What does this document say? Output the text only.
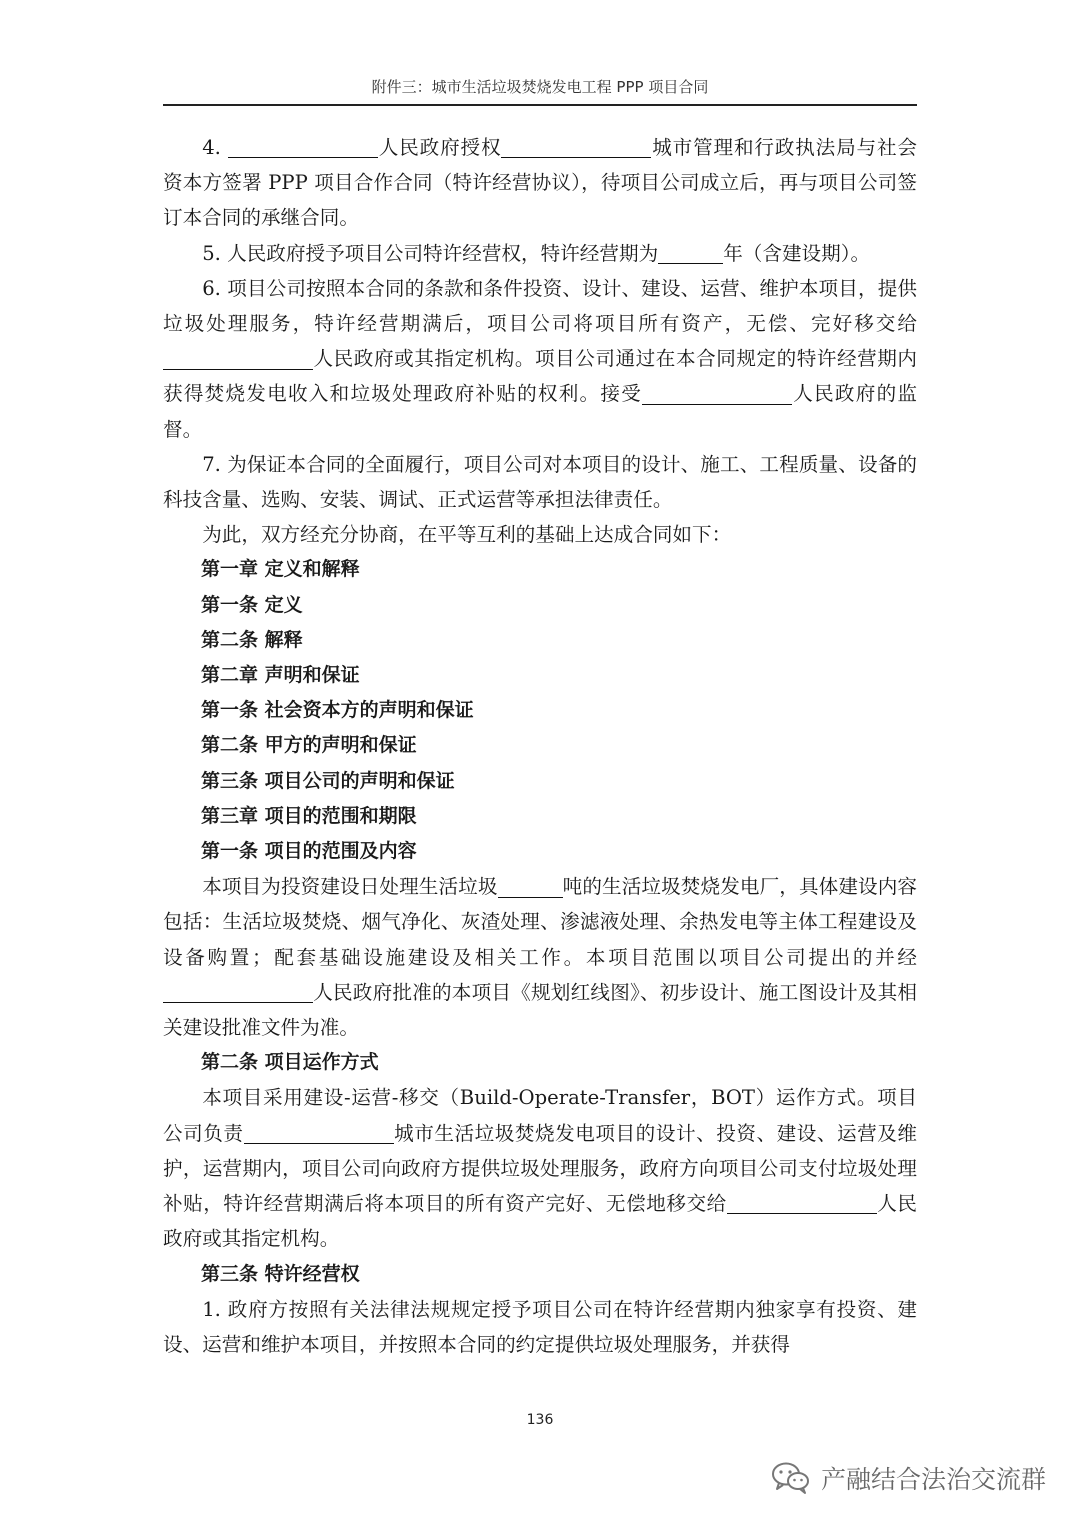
附件三：城市生活垃圾焚烧发电工程 PPP 项目合同

4.	人民政府授权	城市管理和行政执法局与社会资本方签署 PPP 项目合作合同（特许经营协议），待项目公司成立后，再与项目公司签订本合同的承继合同。

5. 人民政府授予项目公司特许经营权，特许经营期为	年（含建设期）。

6. 项目公司按照本合同的条款和条件投资、设计、建设、运营、维护本项目，提供垃圾处理服务，特许经营期满后，项目公司将项目所有资产，无偿、完好移交给人民政府或其指定机构。项目公司通过在本合同规定的特许经营期内获得焚烧发电收入和垃圾处理政府补贴的权利。接受	人民政府的监督。

7. 为保证本合同的全面履行，项目公司对本项目的设计、施工、工程质量、设备的科技含量、选购、安装、调试、正式运营等承担法律责任。

为此，双方经充分协商，在平等互利的基础上达成合同如下：

第一章 定义和解释

第一条 定义

第二条 解释

第二章 声明和保证

第一条 社会资本方的声明和保证

第二条 甲方的声明和保证

第三条 项目公司的声明和保证

第三章 项目的范围和期限

第一条 项目的范围及内容

本项目为投资建设日处理生活垃圾	吨的生活垃圾焚烧发电厂，具体建设内容包括：生活垃圾焚烧、烟气净化、灰渣处理、渗滤液处理、余热发电等主体工程建设及设备购置；配套基础设施建设及相关工作。本项目范围以项目公司提出的并经人民政府批准的本项目《规划红线图》、初步设计、施工图设计及其相关建设批准文件为准。

第二条 项目运作方式

本项目采用建设-运营-移交（Build-Operate-Transfer，BOT）运作方式。项目公司负责	城市生活垃圾焚烧发电项目的设计、投资、建设、运营及维护，运营期内，项目公司向政府方提供垃圾处理服务，政府方向项目公司支付垃圾处理补贴，特许经营期满后将本项目的所有资产完好、无偿地移交给	人民政府或其指定机构。

第三条 特许经营权

1. 政府方按照有关法律法规规定授予项目公司在特许经营期内独家享有投资、建设、运营和维护本项目，并按照本合同的约定提供垃圾处理服务，并获得

136
产融结合法治交流群
